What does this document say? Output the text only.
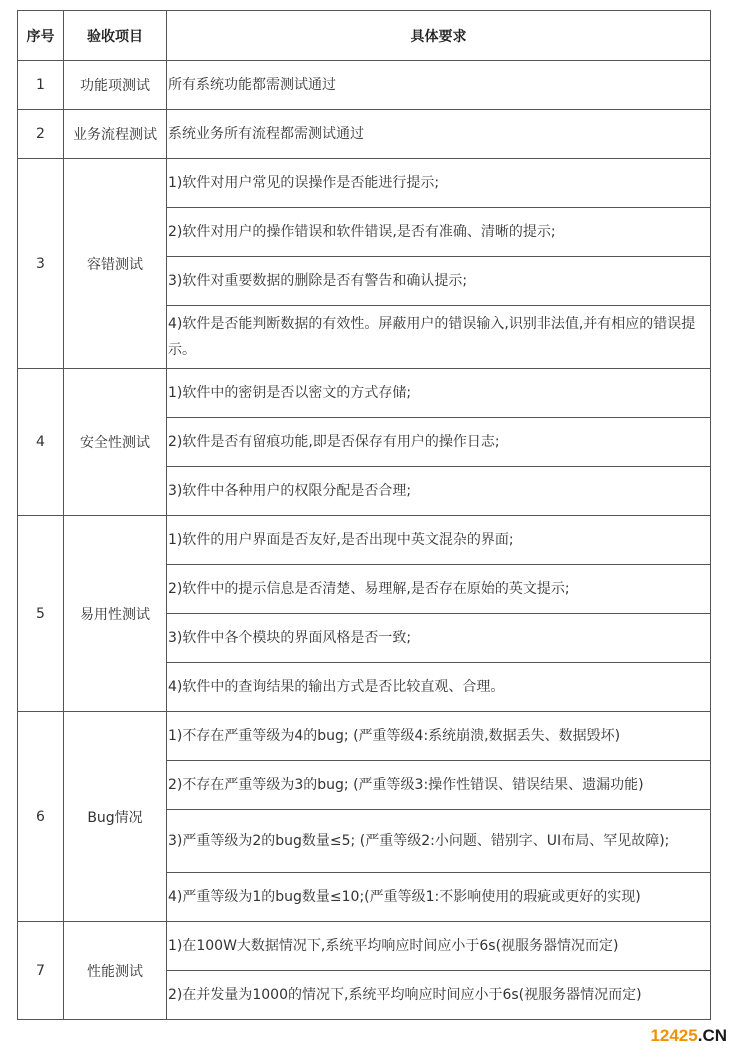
序号	验收项目	具体要求
1	功能项测试	所有系统功能都需测试通过
2	业务流程测试	系统业务所有流程都需测试通过
3	容错测试	1)软件对用户常见的误操作是否能进行提示;
		2)软件对用户的操作错误和软件错误,是否有准确、清晰的提示;
		3)软件对重要数据的删除是否有警告和确认提示;
		4)软件是否能判断数据的有效性。屏蔽用户的错误输入,识别非法值,并有相应的错误提示。
4	安全性测试	1)软件中的密钥是否以密文的方式存储;
		2)软件是否有留痕功能,即是否保存有用户的操作日志;
		3)软件中各种用户的权限分配是否合理;
5	易用性测试	1)软件的用户界面是否友好,是否出现中英文混杂的界面;
		2)软件中的提示信息是否清楚、易理解,是否存在原始的英文提示;
		3)软件中各个模块的界面风格是否一致;
		4)软件中的查询结果的输出方式是否比较直观、合理。
6	Bug情况	1)不存在严重等级为4的bug; (严重等级4:系统崩溃,数据丢失、数据毁坏)
		2)不存在严重等级为3的bug; (严重等级3:操作性错误、错误结果、遗漏功能)
		3)严重等级为2的bug数量≤5; (严重等级2:小问题、错别字、UI布局、罕见故障);
		4)严重等级为1的bug数量≤10;(严重等级1:不影响使用的瑕疵或更好的实现)
7	性能测试	1)在100W大数据情况下,系统平均响应时间应小于6s(视服务器情况而定)
		2)在并发量为1000的情况下,系统平均响应时间应小于6s(视服务器情况而定)
12425.CN
